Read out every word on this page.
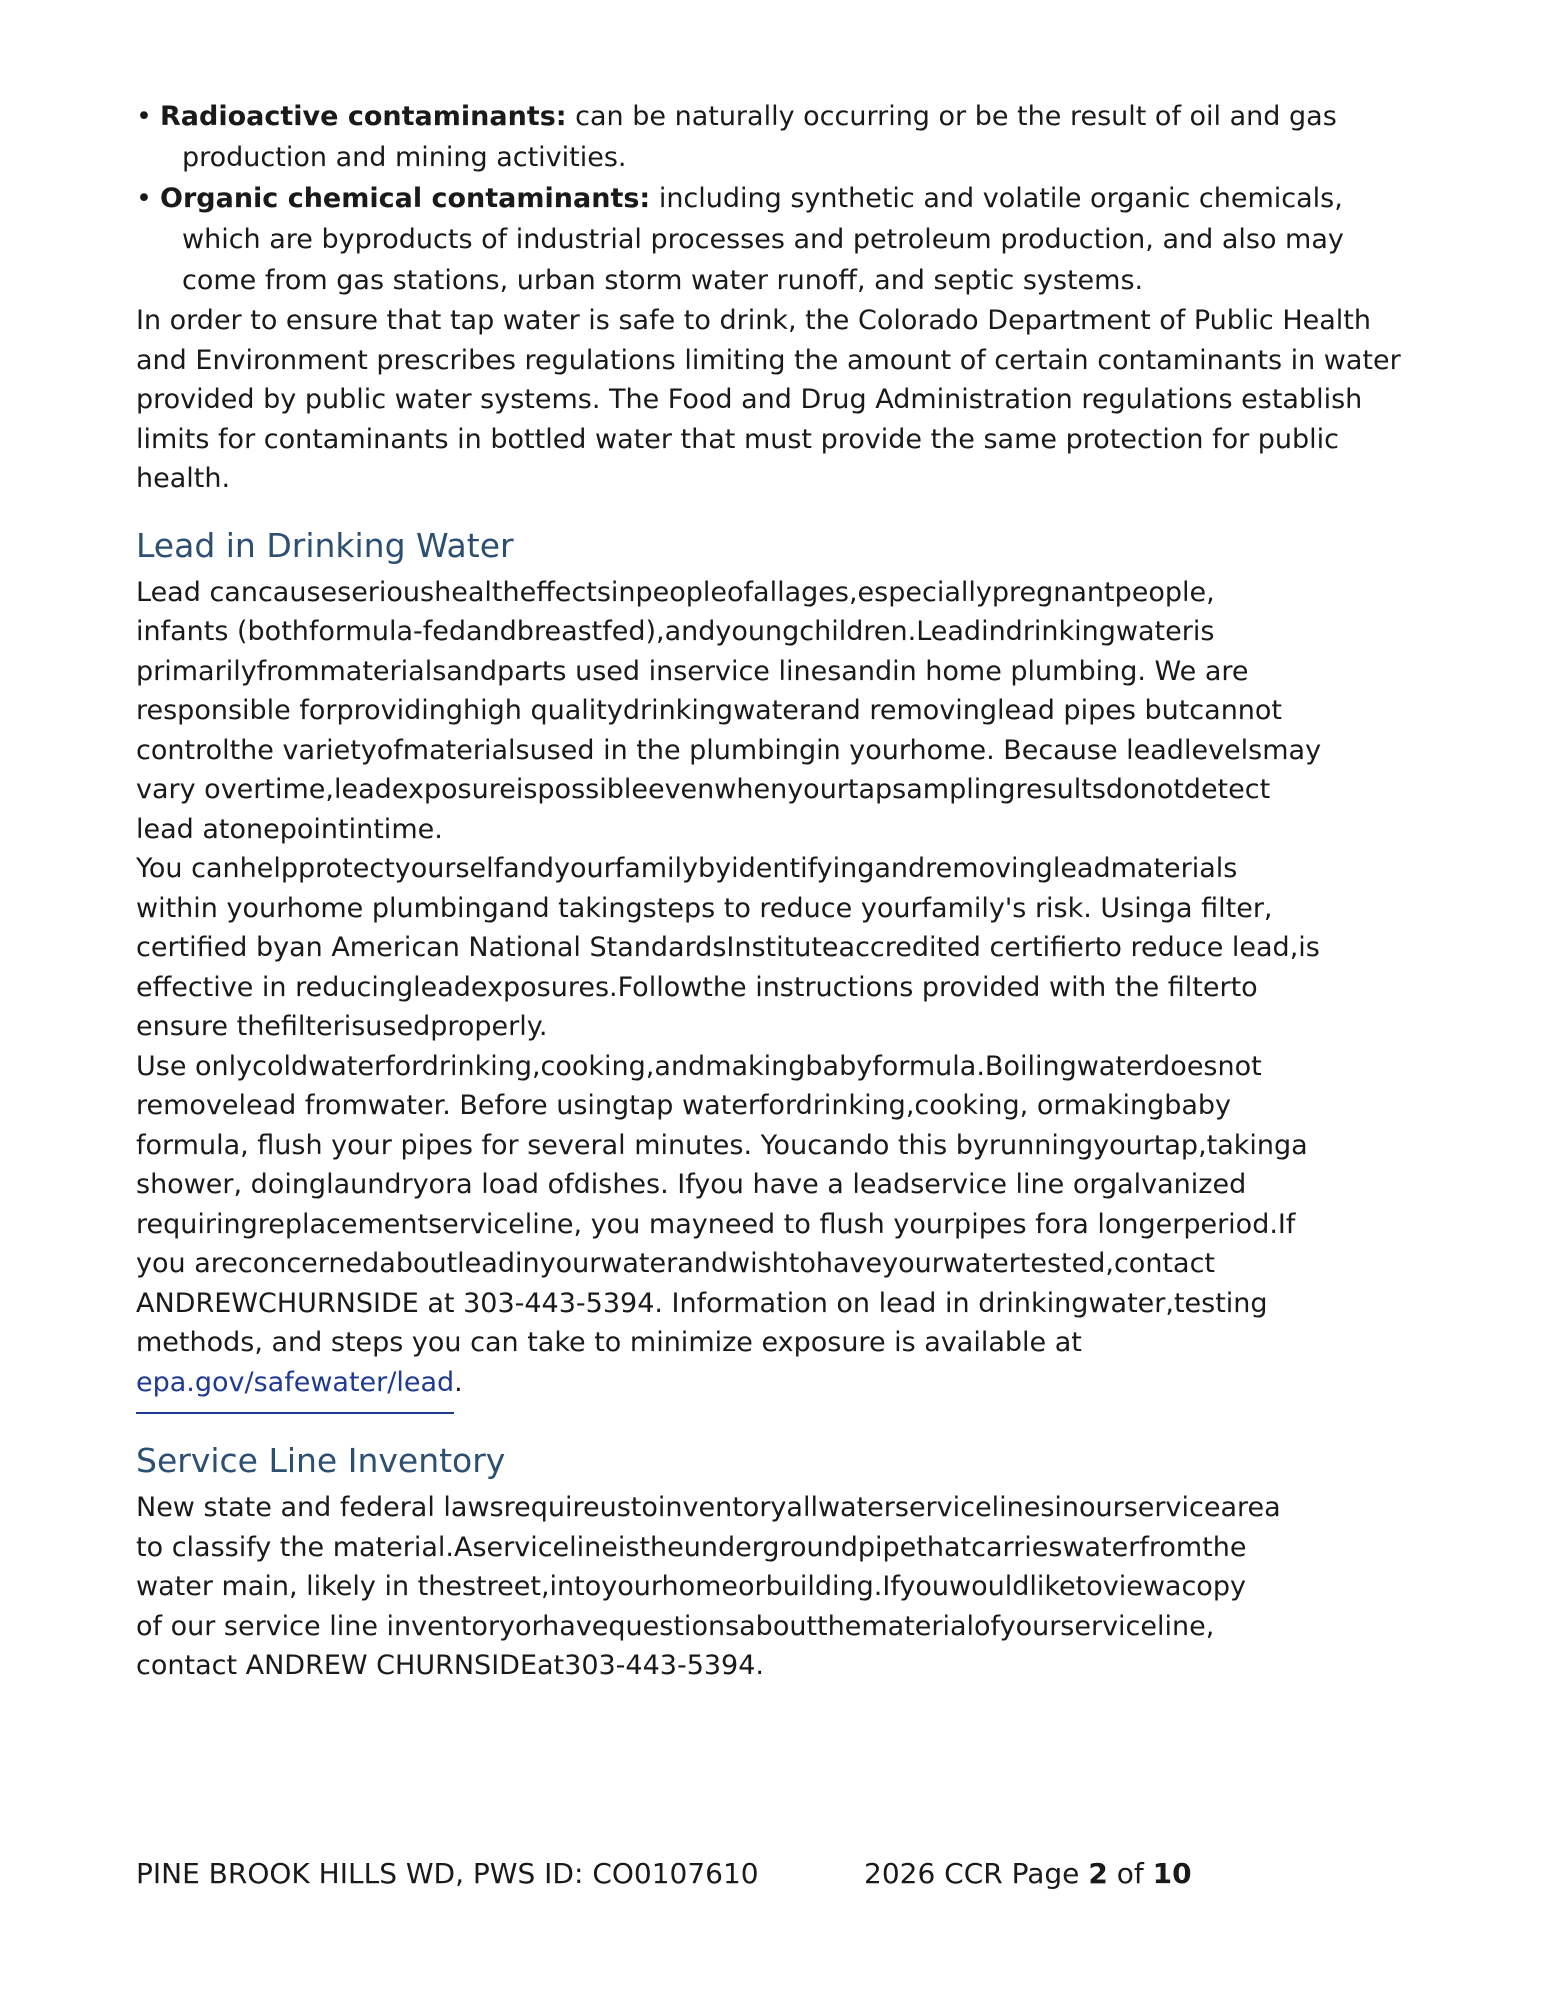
• Radioactive contaminants: can be naturally occurring or be the result of oil and gas
production and mining activities.
• Organic chemical contaminants: including synthetic and volatile organic chemicals,
which are byproducts of industrial processes and petroleum production, and also may come from gas stations, urban storm water runoff, and septic systems.

In order to ensure that tap water is safe to drink, the Colorado Department of Public Health and Environment prescribes regulations limiting the amount of certain contaminants in water provided by public water systems. The Food and Drug Administration regulations establish limits for contaminants in bottled water that must provide the same protection for public health.

Lead in Drinking Water

Lead cancauseserioushealtheffectsinpeopleofallages,especiallypregnantpeople,
infants (bothformula-fedandbreastfed),andyoungchildren.Leadindrinkingwateris
primarilyfrommaterialsandparts used inservice linesandin home plumbing. We are
responsible forprovidinghigh qualitydrinkingwaterand removinglead pipes butcannot
controlthe varietyofmaterialsused in the plumbingin yourhome. Because leadlevelsmay
vary overtime,leadexposureispossibleevenwhenyourtapsamplingresultsdonotdetect
lead atonepointintime.

You canhelpprotectyourselfandyourfamilybyidentifyingandremovingleadmaterials
within yourhome plumbingand takingsteps to reduce yourfamily's risk. Usinga filter,
certified byan American National StandardsInstituteaccredited certifierto reduce lead,is
effective in reducingleadexposures.Followthe instructions provided with the filterto
ensure thefilterisusedproperly.

Use onlycoldwaterfordrinking,cooking,andmakingbabyformula.Boilingwaterdoesnot
removelead fromwater. Before usingtap waterfordrinking,cooking, ormakingbaby
formula, flush your pipes for several minutes. Youcando this byrunningyourtap,takinga
shower, doinglaundryora load ofdishes. Ifyou have a leadservice line orgalvanized
requiringreplacementserviceline, you mayneed to flush yourpipes fora longerperiod.If
you areconcernedaboutleadinyourwaterandwishtohaveyourwatertested,contact
ANDREWCHURNSIDE at 303-443-5394. Information on lead in drinkingwater,testing
methods, and steps you can take to minimize exposure is available at
epa.gov/safewater/lead.

Service Line Inventory

New state and federal lawsrequireustoinventoryallwaterservicelinesinourservicearea
to classify the material.Aservicelineistheundergroundpipethatcarrieswaterfromthe
water main, likely in thestreet,intoyourhomeorbuilding.Ifyouwouldliketoviewacopy
of our service line inventoryorhavequestionsaboutthematerialofyourserviceline,
contact ANDREW CHURNSIDEat303-443-5394.

PINE BROOK HILLS WD, PWS ID: CO0107610	2026 CCR Page 2 of 10
